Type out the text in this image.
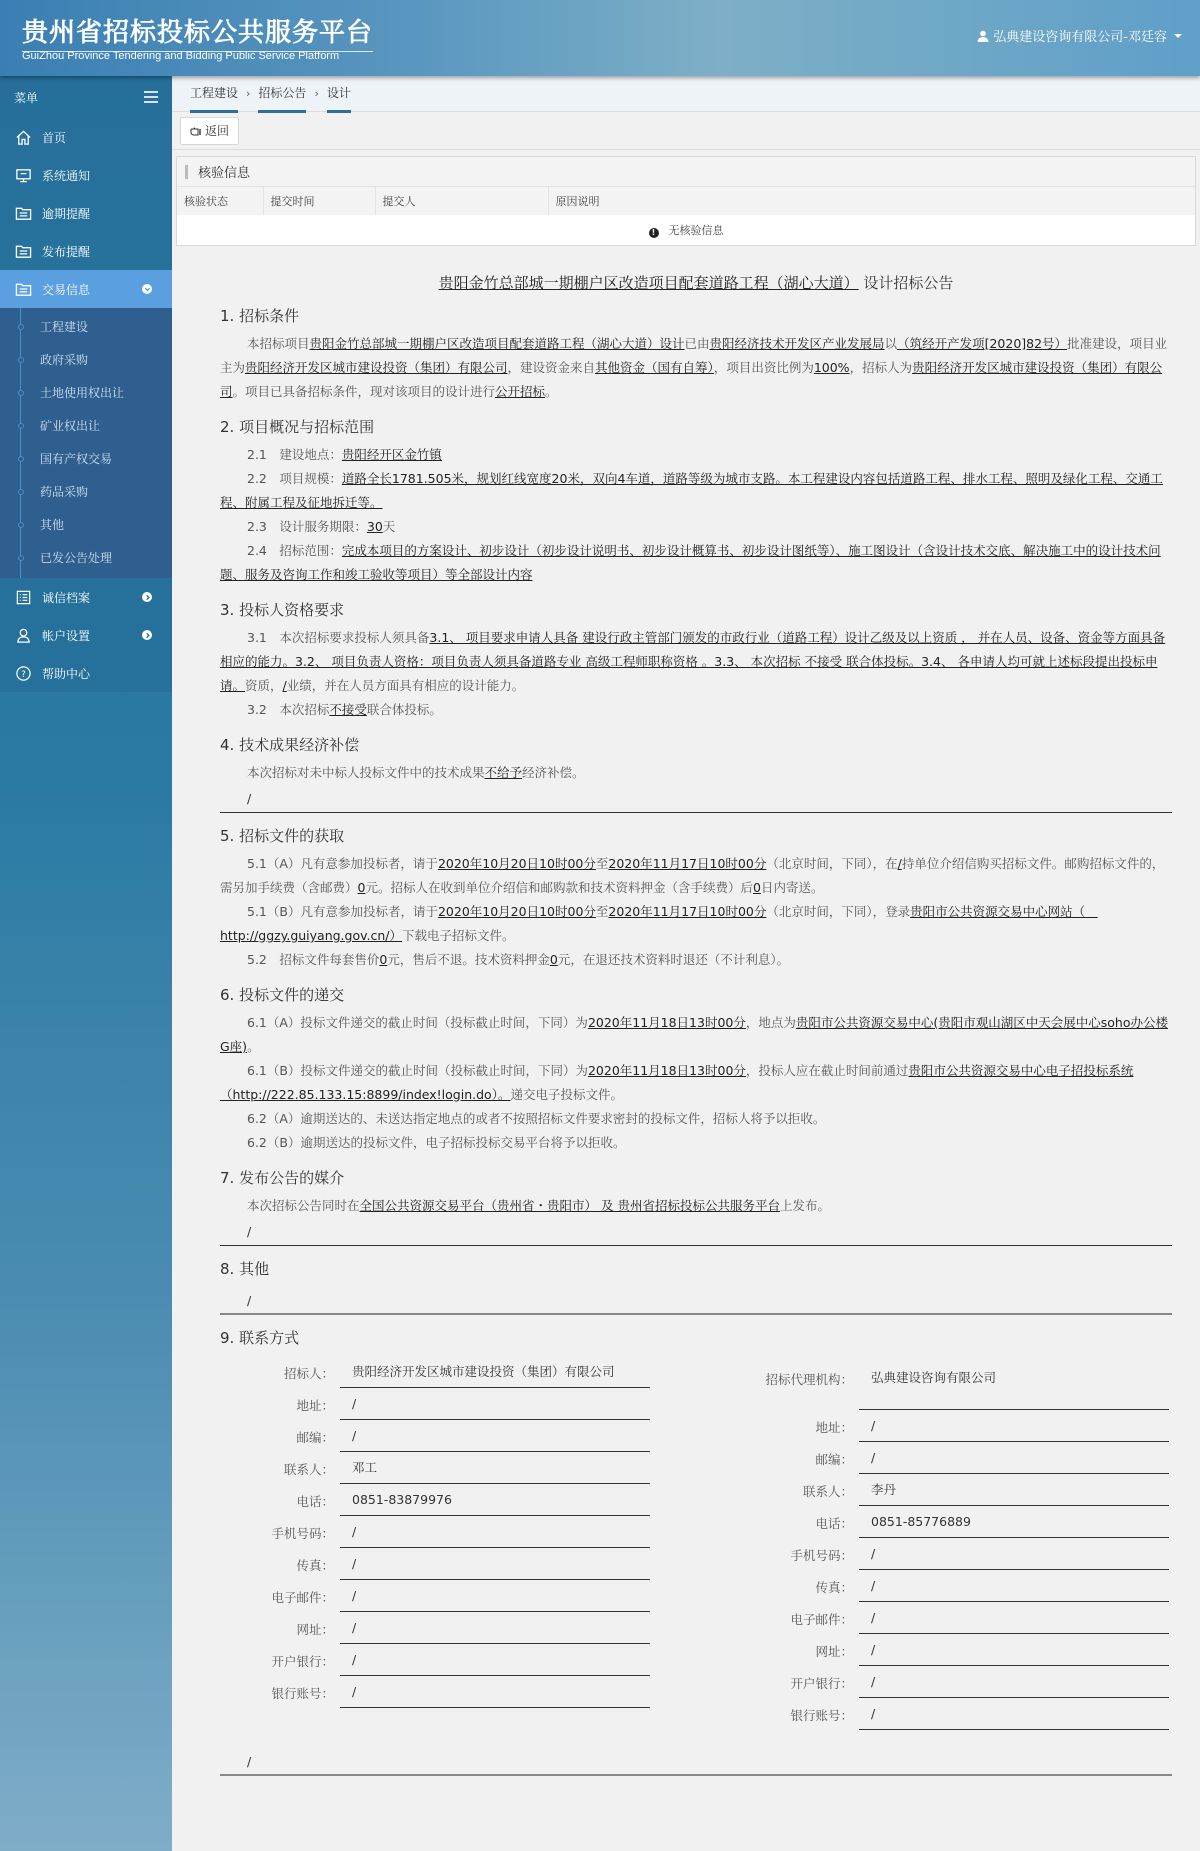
贵州省招标投标公共服务平台
GuiZhou Province Tendering and Bidding Public Service Platform
弘典建设咨询有限公司-邓廷容
菜单
首页
系统通知
逾期提醒
发布提醒
交易信息
工程建设
政府采购
土地使用权出让
矿业权出让
国有产权交易
药品采购
其他
已发公告处理
诚信档案
帐户设置
? 帮助中心
工程建设 › 招标公告 › 设计
返回
核验信息
核验状态	提交时间	提交人	原因说明
! 无核验信息
贵阳金竹总部城一期棚户区改造项目配套道路工程（湖心大道） 设计招标公告
1. 招标条件
本招标项目贵阳金竹总部城一期棚户区改造项目配套道路工程（湖心大道）设计已由贵阳经济技术开发区产业发展局以（筑经开产发项[2020]82号）批准建设，项目业主为贵阳经济开发区城市建设投资（集团）有限公司，建设资金来自其他资金（国有自筹），项目出资比例为100%，招标人为贵阳经济开发区城市建设投资（集团）有限公司。项目已具备招标条件，现对该项目的设计进行公开招标。
2. 项目概况与招标范围
2.1　建设地点：贵阳经开区金竹镇
2.2　项目规模：道路全长1781.505米，规划红线宽度20米，双向4车道，道路等级为城市支路。本工程建设内容包括道路工程、排水工程、照明及绿化工程、交通工程、附属工程及征地拆迁等。
2.3　设计服务期限：30天
2.4　招标范围：完成本项目的方案设计、初步设计（初步设计说明书、初步设计概算书、初步设计图纸等）、施工图设计（含设计技术交底、解决施工中的设计技术问题、服务及咨询工作和竣工验收等项目）等全部设计内容
3. 投标人资格要求
3.1　本次招标要求投标人须具备3.1、 项目要求申请人具备 建设行政主管部门颁发的市政行业（道路工程）设计乙级及以上资质 ， 并在人员、设备、资金等方面具备相应的能力。3.2、 项目负责人资格：项目负责人须具备道路专业 高级工程师职称资格 。3.3、 本次招标 不接受 联合体投标。3.4、 各申请人均可就上述标段提出投标申请。资质，/业绩，并在人员方面具有相应的设计能力。
3.2　本次招标不接受联合体投标。
4. 技术成果经济补偿
本次招标对未中标人投标文件中的技术成果不给予经济补偿。
/
5. 招标文件的获取
5.1（A）凡有意参加投标者，请于2020年10月20日10时00分至2020年11月17日10时00分（北京时间，下同），在/持单位介绍信购买招标文件。邮购招标文件的，需另加手续费（含邮费）0元。招标人在收到单位介绍信和邮购款和技术资料押金（含手续费）后0日内寄送。
5.1（B）凡有意参加投标者，请于2020年10月20日10时00分至2020年11月17日10时00分（北京时间，下同），登录贵阳市公共资源交易中心网站（　http://ggzy.guiyang.gov.cn/）下载电子招标文件。
5.2　招标文件每套售价0元，售后不退。技术资料押金0元，在退还技术资料时退还（不计利息）。
6. 投标文件的递交
6.1（A）投标文件递交的截止时间（投标截止时间，下同）为2020年11月18日13时00分，地点为贵阳市公共资源交易中心(贵阳市观山湖区中天会展中心soho办公楼G座)。
6.1（B）投标文件递交的截止时间（投标截止时间，下同）为2020年11月18日13时00分，投标人应在截止时间前通过贵阳市公共资源交易中心电子招投标系统（http://222.85.133.15:8899/index!login.do）。递交电子投标文件。
6.2（A）逾期送达的、未送达指定地点的或者不按照招标文件要求密封的投标文件，招标人将予以拒收。
6.2（B）逾期送达的投标文件，电子招标投标交易平台将予以拒收。
7. 发布公告的媒介
本次招标公告同时在全国公共资源交易平台（贵州省・贵阳市） 及 贵州省招标投标公共服务平台上发布。
/
8. 其他
/
9. 联系方式
招标人：	贵阳经济开发区城市建设投资（集团）有限公司
地址：	/
邮编：	/
联系人：	邓工
电话：	0851-83879976
手机号码：	/
传真：	/
电子邮件：	/
网址：	/
开户银行：	/
银行账号：	/
招标代理机构：	弘典建设咨询有限公司
地址：	/
邮编：	/
联系人：	李丹
电话：	0851-85776889
手机号码：	/
传真：	/
电子邮件：	/
网址：	/
开户银行：	/
银行账号：	/
/
